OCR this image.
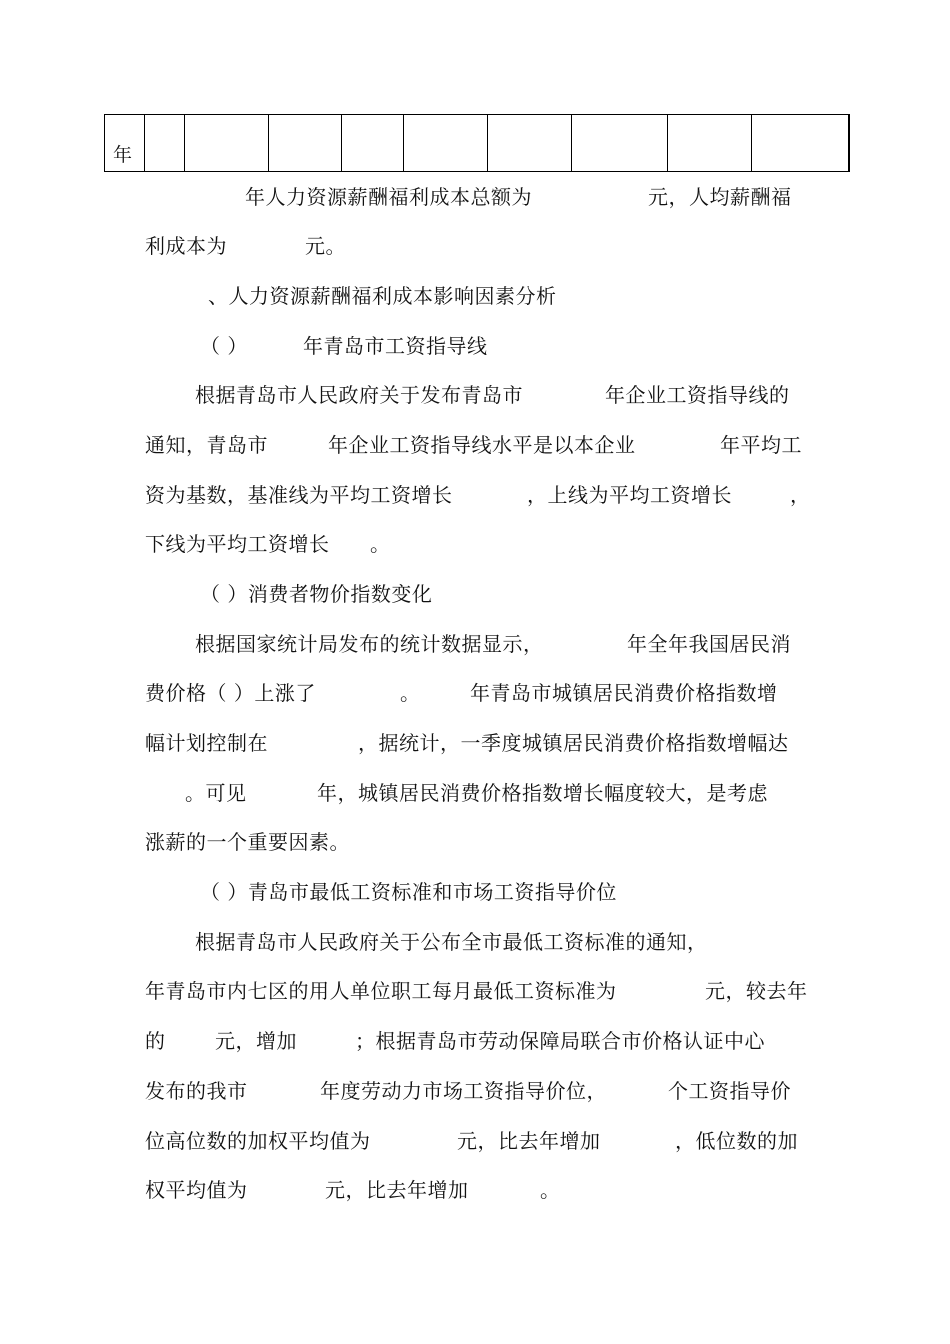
年									
年人力资源薪酬福利成本总额为	元，人均薪酬福
利成本为	元。
、人力资源薪酬福利成本影响因素分析
（ ）	年青岛市工资指导线
根据青岛市人民政府关于发布青岛市	年企业工资指导线的
通知，青岛市	年企业工资指导线水平是以本企业	年平均工
资为基数，基准线为平均工资增长	，上线为平均工资增长	，
下线为平均工资增长 。
（ ）消费者物价指数变化
根据国家统计局发布的统计数据显示，	年全年我国居民消
费价格（ ）上涨了	。 年青岛市城镇居民消费价格指数增
幅计划控制在	，据统计，一季度城镇居民消费价格指数增幅达
。可见	年，城镇居民消费价格指数增长幅度较大，是考虑
涨薪的一个重要因素。
（ ）青岛市最低工资标准和市场工资指导价位
根据青岛市人民政府关于公布全市最低工资标准的通知，
年青岛市内七区的用人单位职工每月最低工资标准为	元，较去年
的 元，增加	；根据青岛市劳动保障局联合市价格认证中心
发布的我市	年度劳动力市场工资指导价位，	个工资指导价
位高位数的加权平均值为	元，比去年增加	，低位数的加
权平均值为	元，比去年增加	。
